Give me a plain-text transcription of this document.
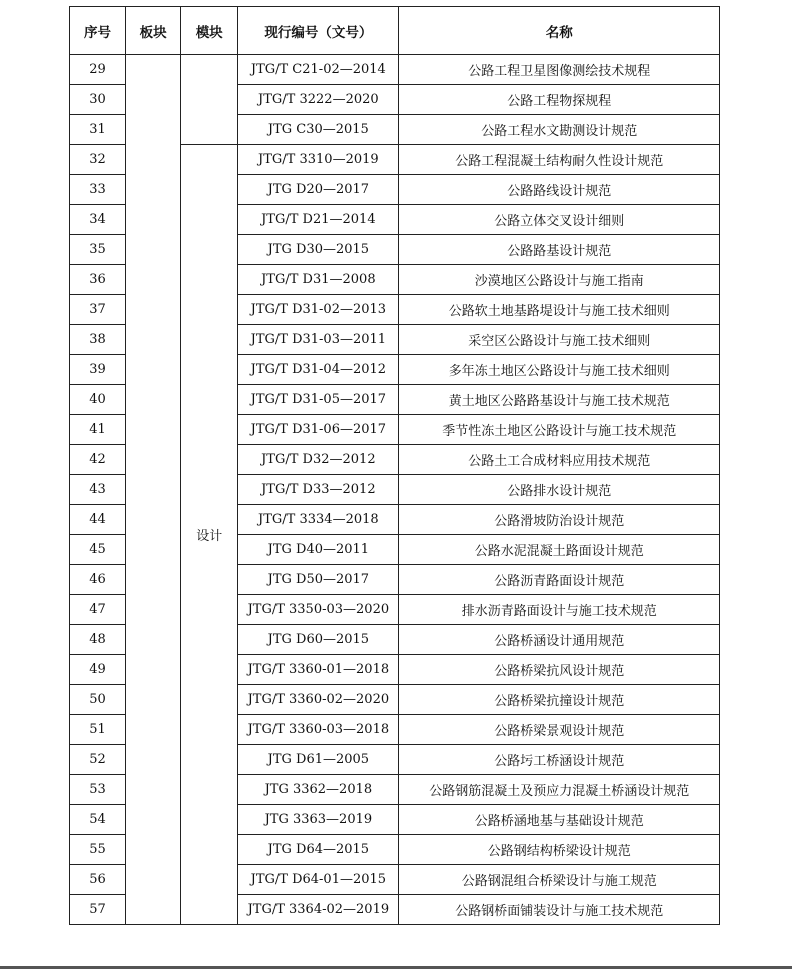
序号	板块	模块	现行编号（文号）	名称
29			JTG/T C21-02—2014	公路工程卫星图像测绘技术规程
30			JTG/T 3222—2020	公路工程物探规程
31			JTG C30—2015	公路工程水文勘测设计规范
32		设计	JTG/T 3310—2019	公路工程混凝土结构耐久性设计规范
33			JTG D20—2017	公路路线设计规范
34			JTG/T D21—2014	公路立体交叉设计细则
35			JTG D30—2015	公路路基设计规范
36			JTG/T D31—2008	沙漠地区公路设计与施工指南
37			JTG/T D31-02—2013	公路软土地基路堤设计与施工技术细则
38			JTG/T D31-03—2011	采空区公路设计与施工技术细则
39			JTG/T D31-04—2012	多年冻土地区公路设计与施工技术细则
40			JTG/T D31-05—2017	黄土地区公路路基设计与施工技术规范
41			JTG/T D31-06—2017	季节性冻土地区公路设计与施工技术规范
42			JTG/T D32—2012	公路土工合成材料应用技术规范
43			JTG/T D33—2012	公路排水设计规范
44			JTG/T 3334—2018	公路滑坡防治设计规范
45			JTG D40—2011	公路水泥混凝土路面设计规范
46			JTG D50—2017	公路沥青路面设计规范
47			JTG/T 3350-03—2020	排水沥青路面设计与施工技术规范
48			JTG D60—2015	公路桥涵设计通用规范
49			JTG/T 3360-01—2018	公路桥梁抗风设计规范
50			JTG/T 3360-02—2020	公路桥梁抗撞设计规范
51			JTG/T 3360-03—2018	公路桥梁景观设计规范
52			JTG D61—2005	公路圬工桥涵设计规范
53			JTG 3362—2018	公路钢筋混凝土及预应力混凝土桥涵设计规范
54			JTG 3363—2019	公路桥涵地基与基础设计规范
55			JTG D64—2015	公路钢结构桥梁设计规范
56			JTG/T D64-01—2015	公路钢混组合桥梁设计与施工规范
57			JTG/T 3364-02—2019	公路钢桥面铺装设计与施工技术规范
